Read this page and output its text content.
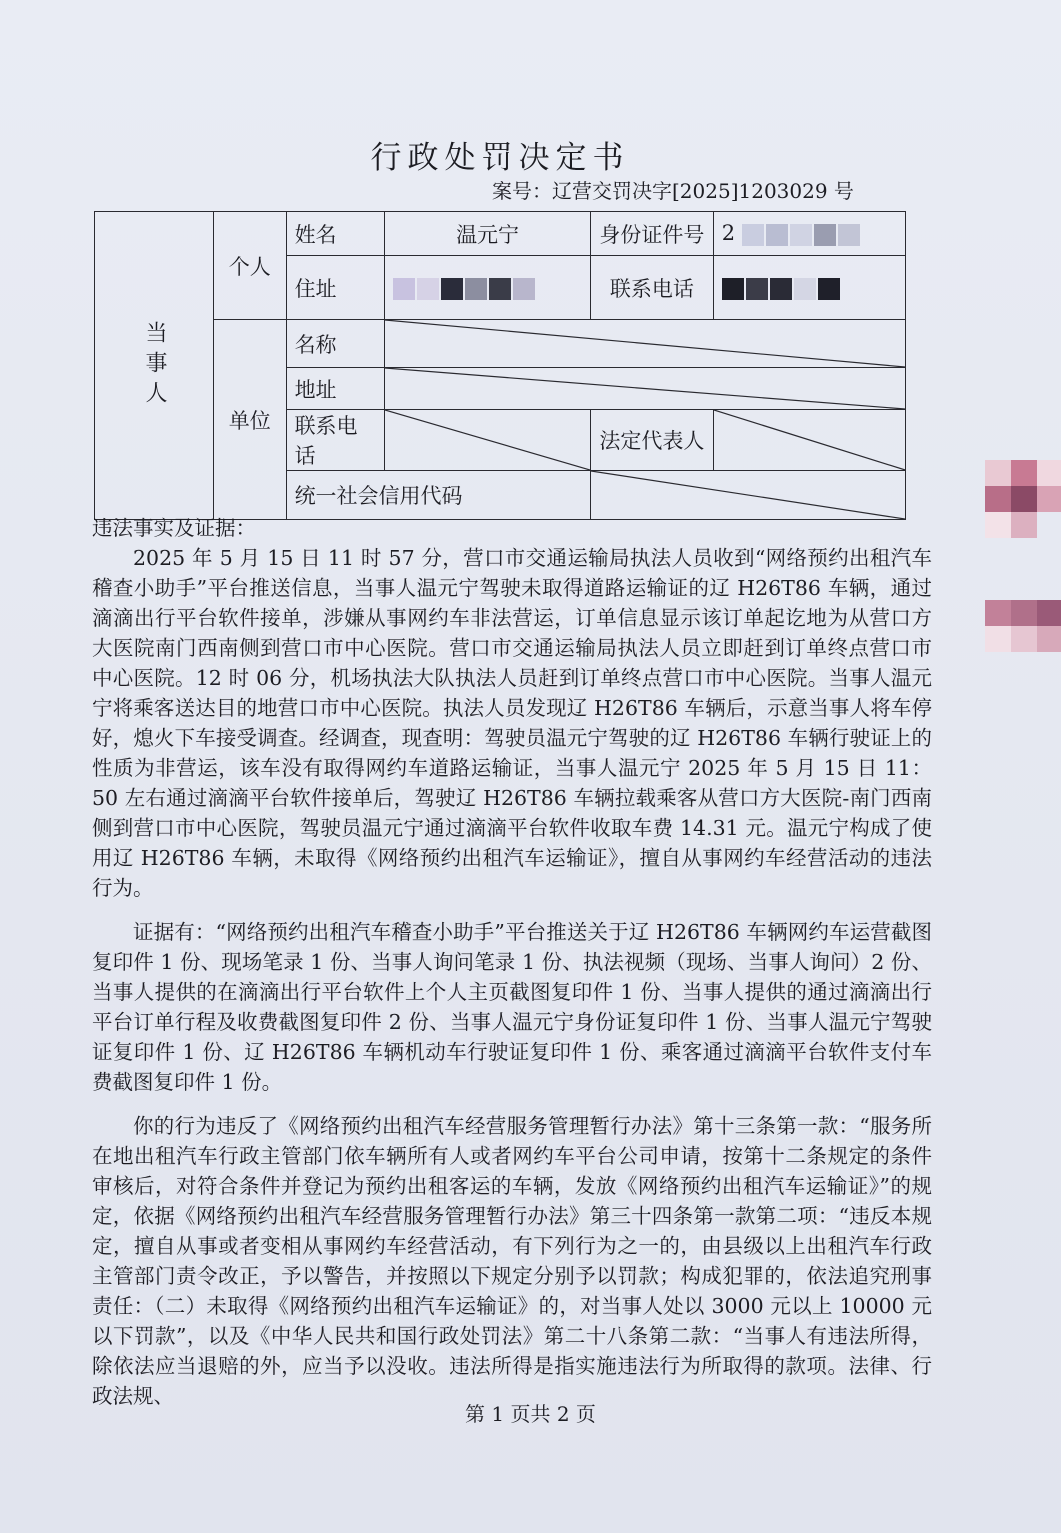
行政处罚决定书
案号：辽营交罚决字[2025]1203029 号
当事人	个人	姓名	温元宁	身份证件号	2
		住址		联系电话	
	单位	名称	

		地址	

		联系电话		法定代表人	

		统一社会信用代码	
违法事实及证据：

2025 年 5 月 15 日 11 时 57 分，营口市交通运输局执法人员收到“网络预约出租汽车稽查小助手”平台推送信息，当事人温元宁驾驶未取得道路运输证的辽 H26T86 车辆，通过滴滴出行平台软件接单，涉嫌从事网约车非法营运，订单信息显示该订单起讫地为从营口方大医院南门西南侧到营口市中心医院。营口市交通运输局执法人员立即赶到订单终点营口市中心医院。12 时 06 分，机场执法大队执法人员赶到订单终点营口市中心医院。当事人温元宁将乘客送达目的地营口市中心医院。执法人员发现辽 H26T86 车辆后，示意当事人将车停好，熄火下车接受调查。经调查，现查明：驾驶员温元宁驾驶的辽 H26T86 车辆行驶证上的性质为非营运，该车没有取得网约车道路运输证，当事人温元宁 2025 年 5 月 15 日 11：50 左右通过滴滴平台软件接单后，驾驶辽 H26T86 车辆拉载乘客从营口方大医院-南门西南侧到营口市中心医院，驾驶员温元宁通过滴滴平台软件收取车费 14.31 元。温元宁构成了使用辽 H26T86 车辆，未取得《网络预约出租汽车运输证》，擅自从事网约车经营活动的违法行为。

证据有：“网络预约出租汽车稽查小助手”平台推送关于辽 H26T86 车辆网约车运营截图复印件 1 份、现场笔录 1 份、当事人询问笔录 1 份、执法视频（现场、当事人询问）2 份、当事人提供的在滴滴出行平台软件上个人主页截图复印件 1 份、当事人提供的通过滴滴出行平台订单行程及收费截图复印件 2 份、当事人温元宁身份证复印件 1 份、当事人温元宁驾驶证复印件 1 份、辽 H26T86 车辆机动车行驶证复印件 1 份、乘客通过滴滴平台软件支付车费截图复印件 1 份。

你的行为违反了《网络预约出租汽车经营服务管理暂行办法》第十三条第一款：“服务所在地出租汽车行政主管部门依车辆所有人或者网约车平台公司申请，按第十二条规定的条件审核后，对符合条件并登记为预约出租客运的车辆，发放《网络预约出租汽车运输证》”的规定，依据《网络预约出租汽车经营服务管理暂行办法》第三十四条第一款第二项：“违反本规定，擅自从事或者变相从事网约车经营活动，有下列行为之一的，由县级以上出租汽车行政主管部门责令改正，予以警告，并按照以下规定分别予以罚款；构成犯罪的，依法追究刑事责任：（二）未取得《网络预约出租汽车运输证》的，对当事人处以 3000 元以上 10000 元以下罚款”，以及《中华人民共和国行政处罚法》第二十八条第二款：“当事人有违法所得，除依法应当退赔的外，应当予以没收。违法所得是指实施违法行为所取得的款项。法律、行政法规、

第 1 页共 2 页
